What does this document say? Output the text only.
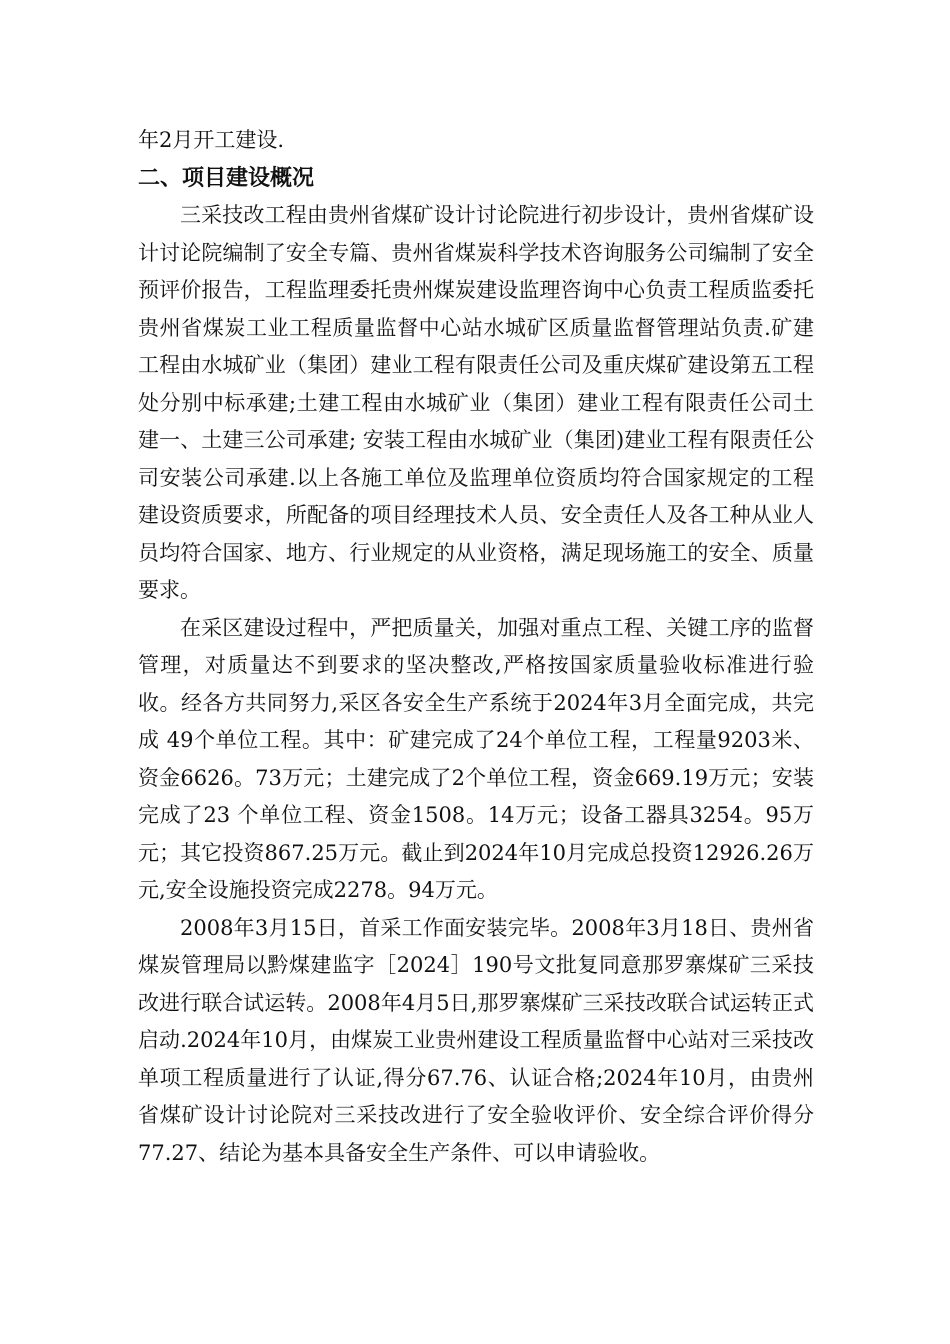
年2月开工建设.

二、项目建设概况

三采技改工程由贵州省煤矿设计讨论院进行初步设计，贵州省煤矿设计讨论院编制了安全专篇、贵州省煤炭科学技术咨询服务公司编制了安全预评价报告，工程监理委托贵州煤炭建设监理咨询中心负责工程质监委托贵州省煤炭工业工程质量监督中心站水城矿区质量监督管理站负责.矿建工程由水城矿业（集团）建业工程有限责任公司及重庆煤矿建设第五工程处分别中标承建;土建工程由水城矿业（集团）建业工程有限责任公司土建一、土建三公司承建; 安装工程由水城矿业（集团)建业工程有限责任公司安装公司承建.以上各施工单位及监理单位资质均符合国家规定的工程建设资质要求，所配备的项目经理技术人员、安全责任人及各工种从业人员均符合国家、地方、行业规定的从业资格，满足现场施工的安全、质量要求。

在采区建设过程中，严把质量关，加强对重点工程、关键工序的监督管理，对质量达不到要求的坚决整改,严格按国家质量验收标准进行验收。经各方共同努力,采区各安全生产系统于2024年3月全面完成，共完成 49个单位工程。其中：矿建完成了24个单位工程，工程量9203米、资金6626。73万元；土建完成了2个单位工程，资金669.19万元；安装完成了23 个单位工程、资金1508。14万元；设备工器具3254。95万元；其它投资867.25万元。截止到2024年10月完成总投资12926.26万元,安全设施投资完成2278。94万元。

2008年3月15日，首采工作面安装完毕。2008年3月18日、贵州省煤炭管理局以黔煤建监字［2024］190号文批复同意那罗寨煤矿三采技改进行联合试运转。2008年4月5日,那罗寨煤矿三采技改联合试运转正式启动.2024年10月，由煤炭工业贵州建设工程质量监督中心站对三采技改单项工程质量进行了认证,得分67.76、认证合格;2024年10月，由贵州省煤矿设计讨论院对三采技改进行了安全验收评价、安全综合评价得分77.27、结论为基本具备安全生产条件、可以申请验收。
